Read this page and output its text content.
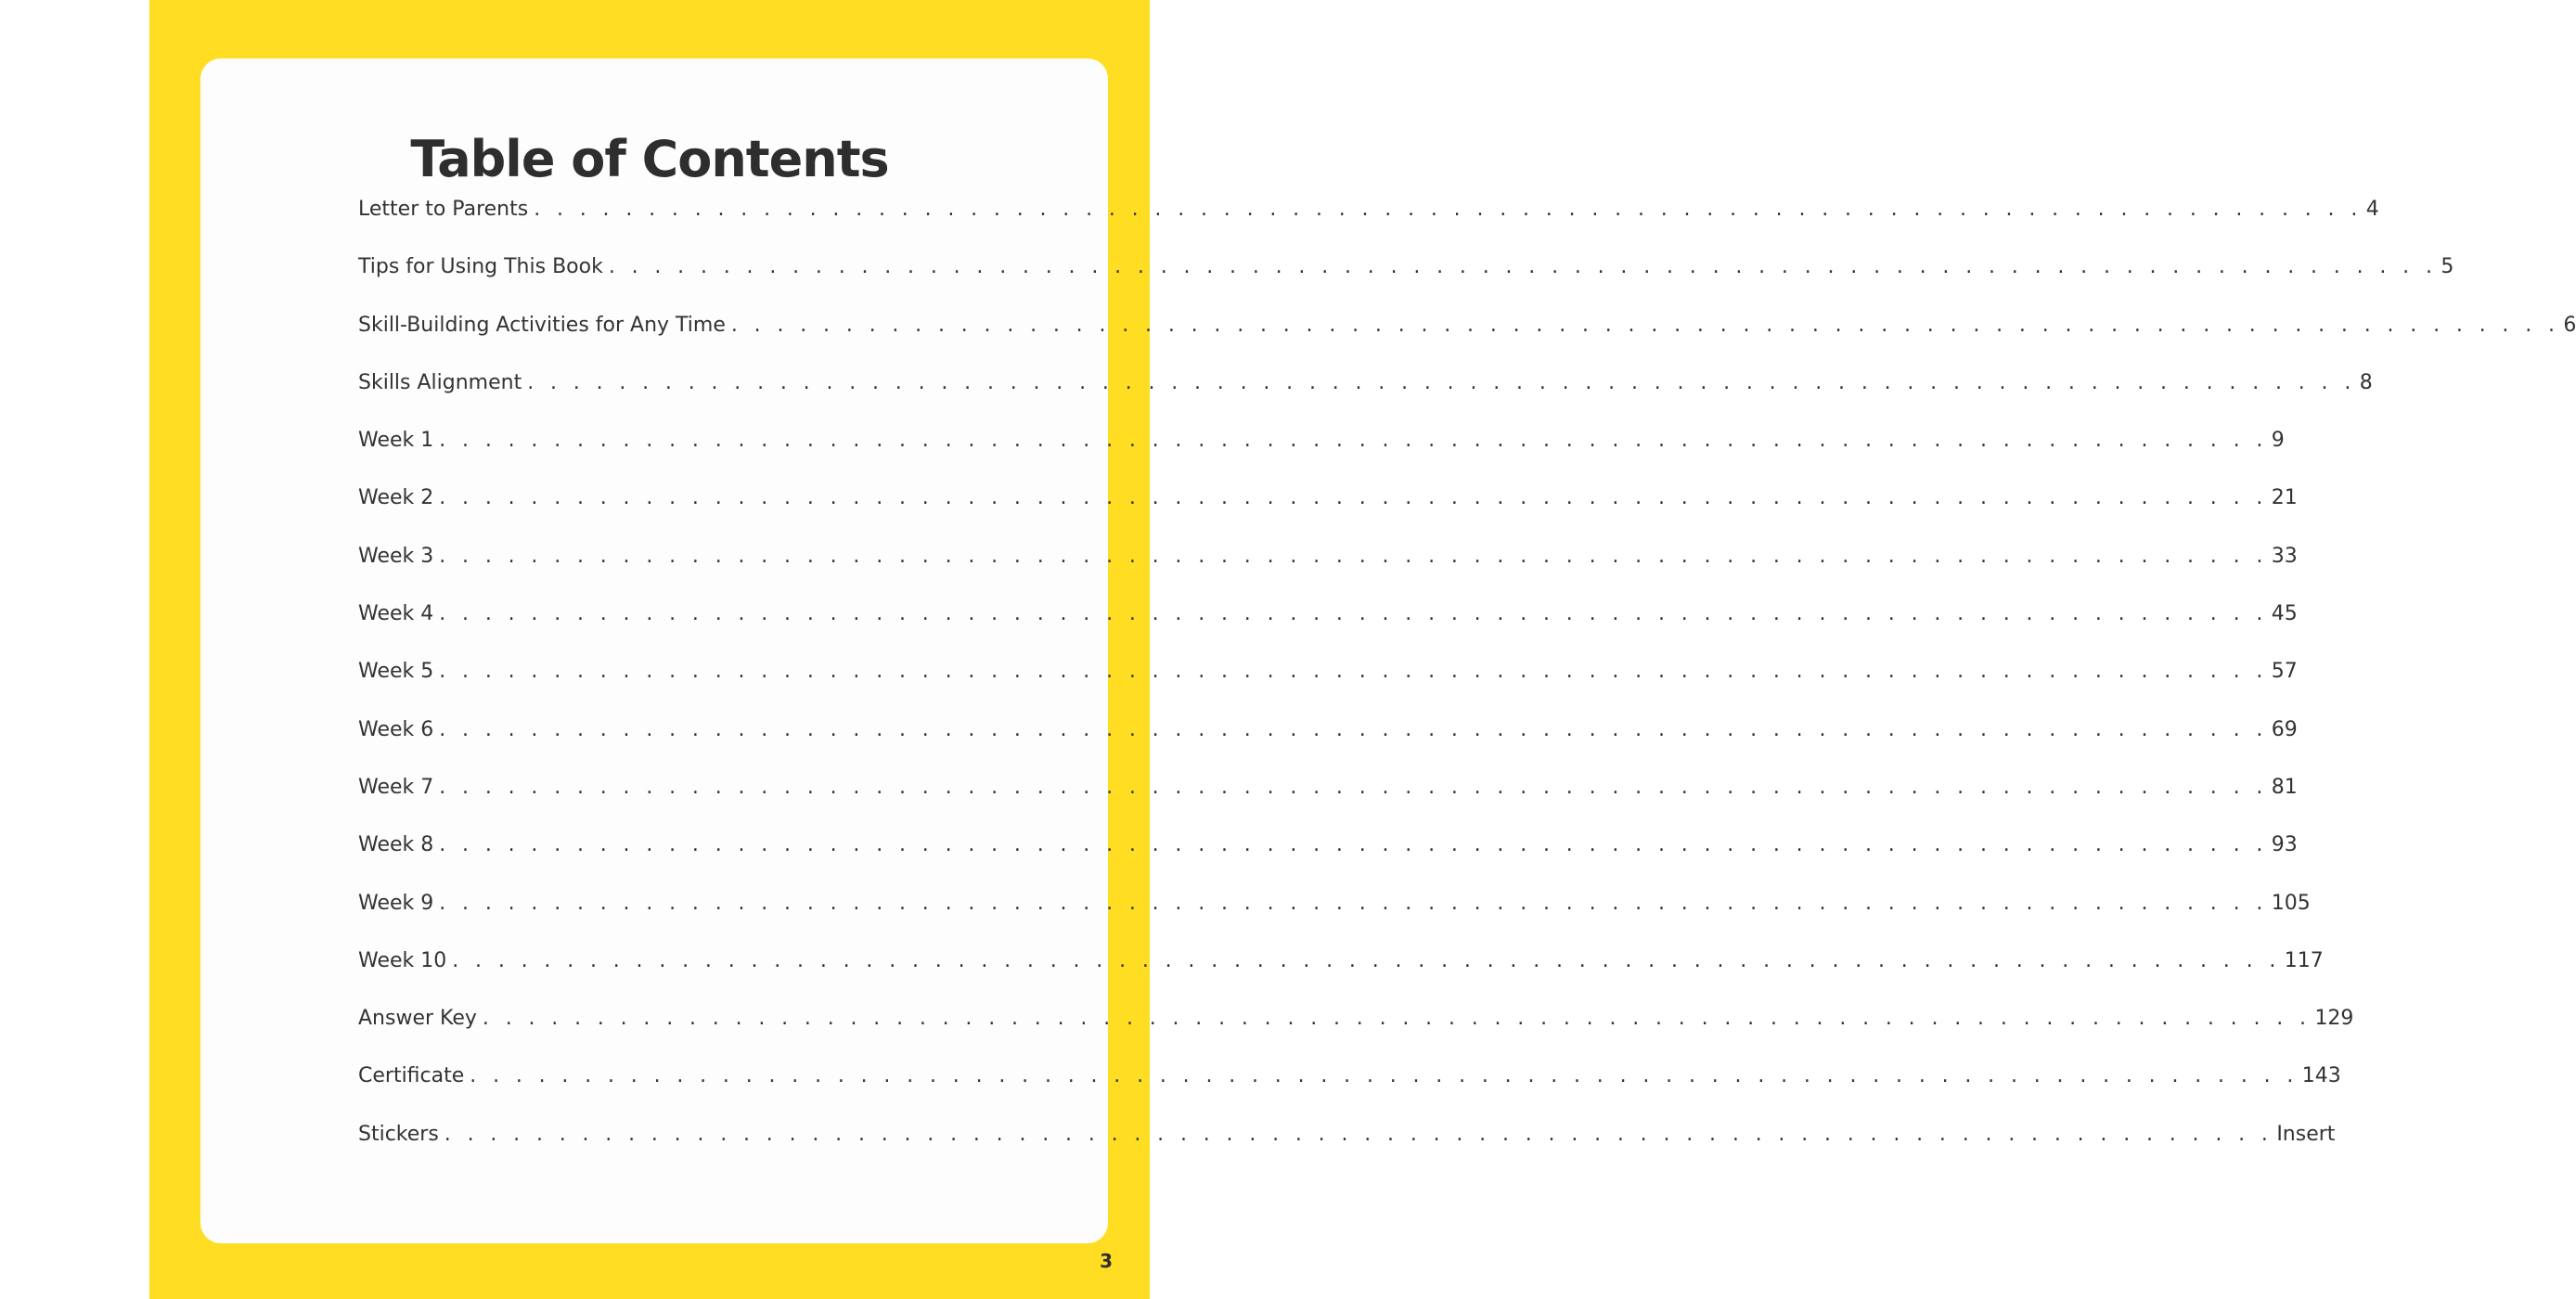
Table of Contents
Letter to Parents . . . . . . . . . . . . . . . . . . . . . . . . . . . . . . . . . . . . . . . . . . . . . . . . . . . . . . . . . . . . . . . . . . . . . . . . . . . . . . . . 4
Tips for Using This Book . . . . . . . . . . . . . . . . . . . . . . . . . . . . . . . . . . . . . . . . . . . . . . . . . . . . . . . . . . . . . . . . . . . . . . . . . . . . . . . . 5
Skill-Building Activities for Any Time . . . . . . . . . . . . . . . . . . . . . . . . . . . . . . . . . . . . . . . . . . . . . . . . . . . . . . . . . . . . . . . . . . . . . . . . . . . . . . . . 6
Skills Alignment . . . . . . . . . . . . . . . . . . . . . . . . . . . . . . . . . . . . . . . . . . . . . . . . . . . . . . . . . . . . . . . . . . . . . . . . . . . . . . . . 8
Week 1 . . . . . . . . . . . . . . . . . . . . . . . . . . . . . . . . . . . . . . . . . . . . . . . . . . . . . . . . . . . . . . . . . . . . . . . . . . . . . . . . 9
Week 2 . . . . . . . . . . . . . . . . . . . . . . . . . . . . . . . . . . . . . . . . . . . . . . . . . . . . . . . . . . . . . . . . . . . . . . . . . . . . . . . . 21
Week 3 . . . . . . . . . . . . . . . . . . . . . . . . . . . . . . . . . . . . . . . . . . . . . . . . . . . . . . . . . . . . . . . . . . . . . . . . . . . . . . . . 33
Week 4 . . . . . . . . . . . . . . . . . . . . . . . . . . . . . . . . . . . . . . . . . . . . . . . . . . . . . . . . . . . . . . . . . . . . . . . . . . . . . . . . 45
Week 5 . . . . . . . . . . . . . . . . . . . . . . . . . . . . . . . . . . . . . . . . . . . . . . . . . . . . . . . . . . . . . . . . . . . . . . . . . . . . . . . . 57
Week 6 . . . . . . . . . . . . . . . . . . . . . . . . . . . . . . . . . . . . . . . . . . . . . . . . . . . . . . . . . . . . . . . . . . . . . . . . . . . . . . . . 69
Week 7 . . . . . . . . . . . . . . . . . . . . . . . . . . . . . . . . . . . . . . . . . . . . . . . . . . . . . . . . . . . . . . . . . . . . . . . . . . . . . . . . 81
Week 8 . . . . . . . . . . . . . . . . . . . . . . . . . . . . . . . . . . . . . . . . . . . . . . . . . . . . . . . . . . . . . . . . . . . . . . . . . . . . . . . . 93
Week 9 . . . . . . . . . . . . . . . . . . . . . . . . . . . . . . . . . . . . . . . . . . . . . . . . . . . . . . . . . . . . . . . . . . . . . . . . . . . . . . . . 105
Week 10 . . . . . . . . . . . . . . . . . . . . . . . . . . . . . . . . . . . . . . . . . . . . . . . . . . . . . . . . . . . . . . . . . . . . . . . . . . . . . . . . 117
Answer Key . . . . . . . . . . . . . . . . . . . . . . . . . . . . . . . . . . . . . . . . . . . . . . . . . . . . . . . . . . . . . . . . . . . . . . . . . . . . . . . . 129
Certificate . . . . . . . . . . . . . . . . . . . . . . . . . . . . . . . . . . . . . . . . . . . . . . . . . . . . . . . . . . . . . . . . . . . . . . . . . . . . . . . . 143
Stickers . . . . . . . . . . . . . . . . . . . . . . . . . . . . . . . . . . . . . . . . . . . . . . . . . . . . . . . . . . . . . . . . . . . . . . . . . . . . . . . . Insert
3
